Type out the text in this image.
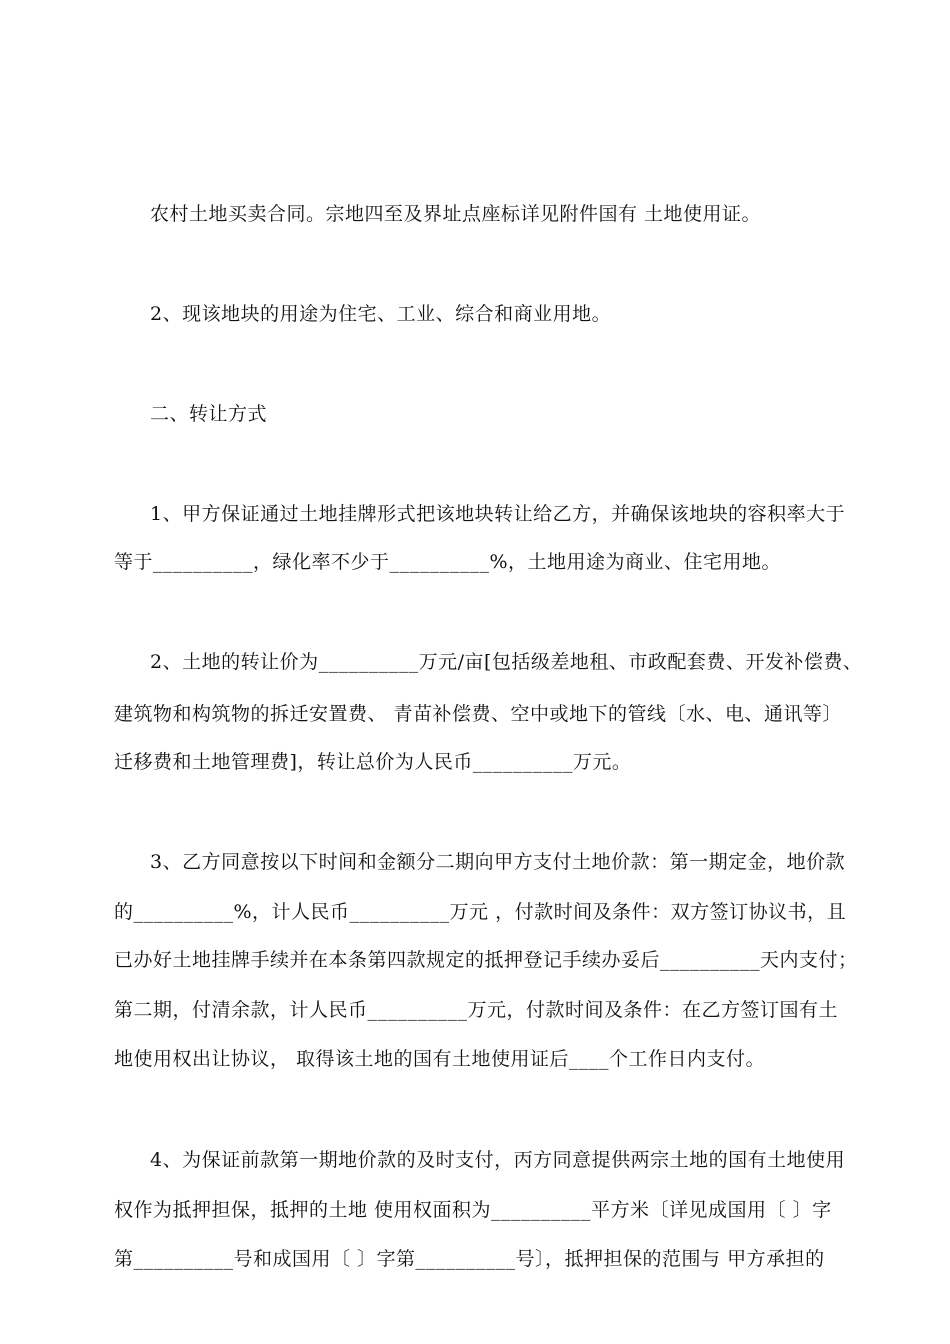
农村土地买卖合同。宗地四至及界址点座标详见附件国有 土地使用证。
2、现该地块的用途为住宅、工业、综合和商业用地。
二、转让方式
1、甲方保证通过土地挂牌形式把该地块转让给乙方，并确保该地块的容积率大于
等于__________，绿化率不少于__________%，土地用途为商业、住宅用地。
2、土地的转让价为__________万元/亩[包括级差地租、市政配套费、开发补偿费、
建筑物和构筑物的拆迁安置费、 青苗补偿费、空中或地下的管线〔水、电、通讯等〕
迁移费和土地管理费]，转让总价为人民币__________万元。
3、乙方同意按以下时间和金额分二期向甲方支付土地价款：第一期定金，地价款
的__________%，计人民币__________万元 ，付款时间及条件：双方签订协议书，且
已办好土地挂牌手续并在本条第四款规定的抵押登记手续办妥后__________天内支付；
第二期，付清余款，计人民币__________万元，付款时间及条件：在乙方签订国有土
地使用权出让协议， 取得该土地的国有土地使用证后____个工作日内支付。
4、为保证前款第一期地价款的及时支付，丙方同意提供两宗土地的国有土地使用
权作为抵押担保，抵押的土地 使用权面积为__________平方米〔详见成国用〔 〕字
第__________号和成国用〔 〕字第__________号〕，抵押担保的范围与 甲方承担的
